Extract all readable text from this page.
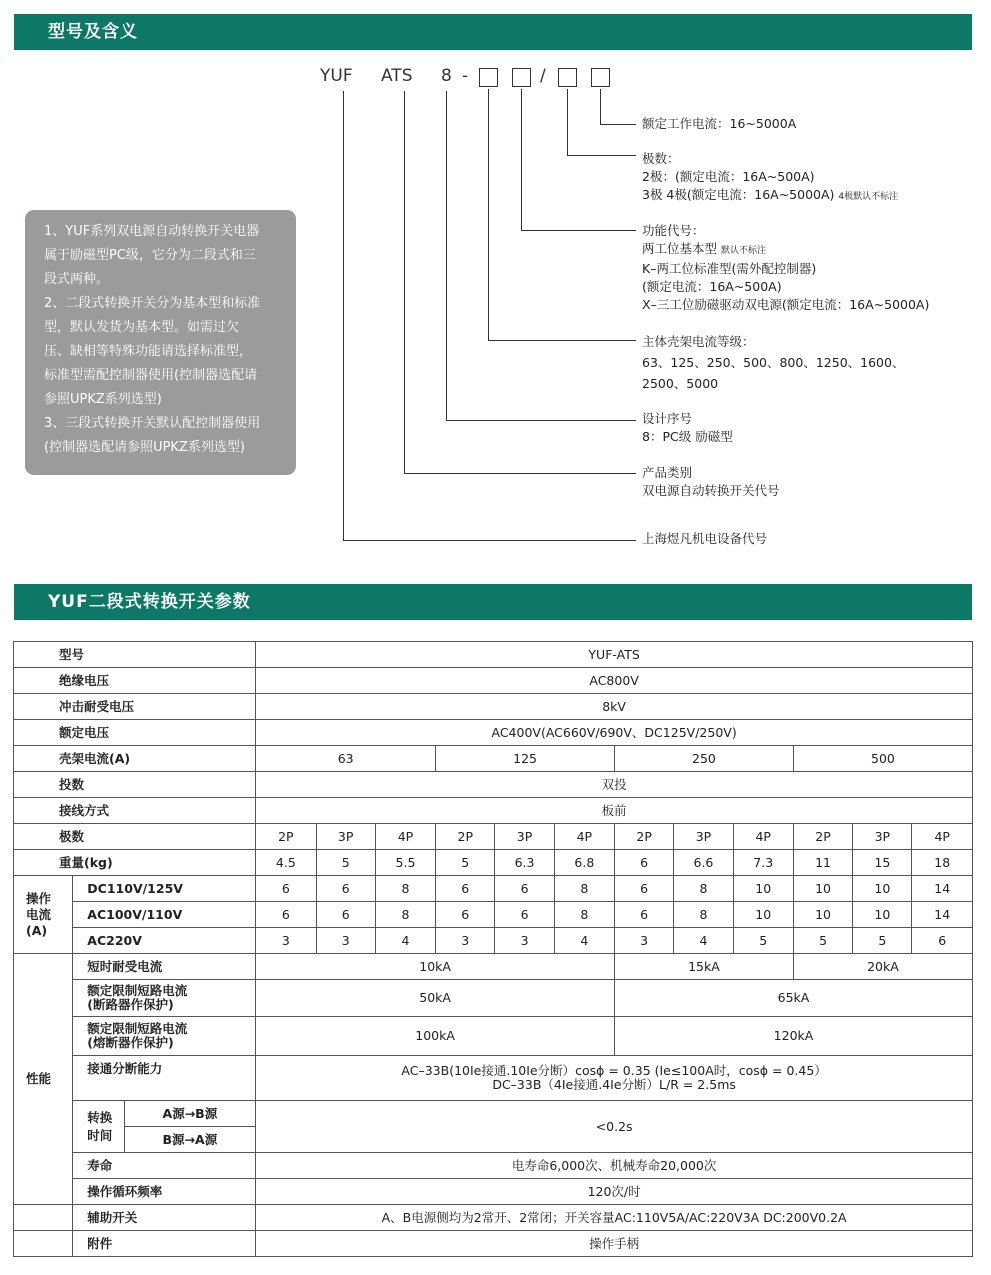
型号及含义
YUF ATS 8 -	/
额定工作电流：16~5000A
极数：
2极：(额定电流：16A~500A)
3极 4极(额定电流：16A~5000A) 4极默认不标注
功能代号：
两工位基本型 默认不标注
K–两工位标准型(需外配控制器)
(额定电流：16A~500A)
X–三工位励磁驱动双电源(额定电流：16A~5000A)
主体壳架电流等级：
63、125、250、500、800、1250、1600、
2500、5000
设计序号
8：PC级 励磁型
产品类别
双电源自动转换开关代号
上海煜凡机电设备代号
1、YUF系列双电源自动转换开关电器
属于励磁型PC级，它分为二段式和三
段式两种。
2、二段式转换开关分为基本型和标准
型，默认发货为基本型。如需过欠
压、缺相等特殊功能请选择标准型，
标准型需配控制器使用(控制器选配请
参照UPKZ系列选型)
3、三段式转换开关默认配控制器使用
(控制器选配请参照UPKZ系列选型)
YUF二段式转换开关参数
型号			YUF-ATS											
绝缘电压			AC800V											
冲击耐受电压			8kV											
额定电压			AC400V(AC660V/690V、DC125V/250V)											
壳架电流(A)			63			125			250			500		
投数			双投											
接线方式			板前											
极数			2P	3P	4P	2P	3P	4P	2P	3P	4P	2P	3P	4P
重量(kg)			4.5	5	5.5	5	6.3	6.8	6	6.6	7.3	11	15	18
操作
电流
(A)	DC110V/125V		6	6	8	6	6	8	6	8	10	10	10	14
	AC100V/110V		6	6	8	6	6	8	6	8	10	10	10	14
	AC220V		3	3	4	3	3	4	3	4	5	5	5	6
性能	短时耐受电流		10kA						15kA			20kA		

	额定限制短路电流
(断路器作保护)		50kA						65kA					

	额定限制短路电流
(熔断器作保护)		100kA						120kA					
	接通分断能力		AC–33B(10Ie接通.10Ie分断）cosϕ = 0.35 (Ie≤100A时，cosϕ = 0.45）
DC–33B（4Ie接通.4Ie分断）L/R = 2.5ms											

	转换
时间	A源→B源	<0.2s											
		B源→A源												
	寿命		电寿命6,000次、机械寿命20,000次											
	操作循环频率		120次/时											
	辅助开关		A、B电源侧均为2常开、2常闭；开关容量AC:110V5A/AC:220V3A DC:200V0.2A											
	附件		操作手柄											
